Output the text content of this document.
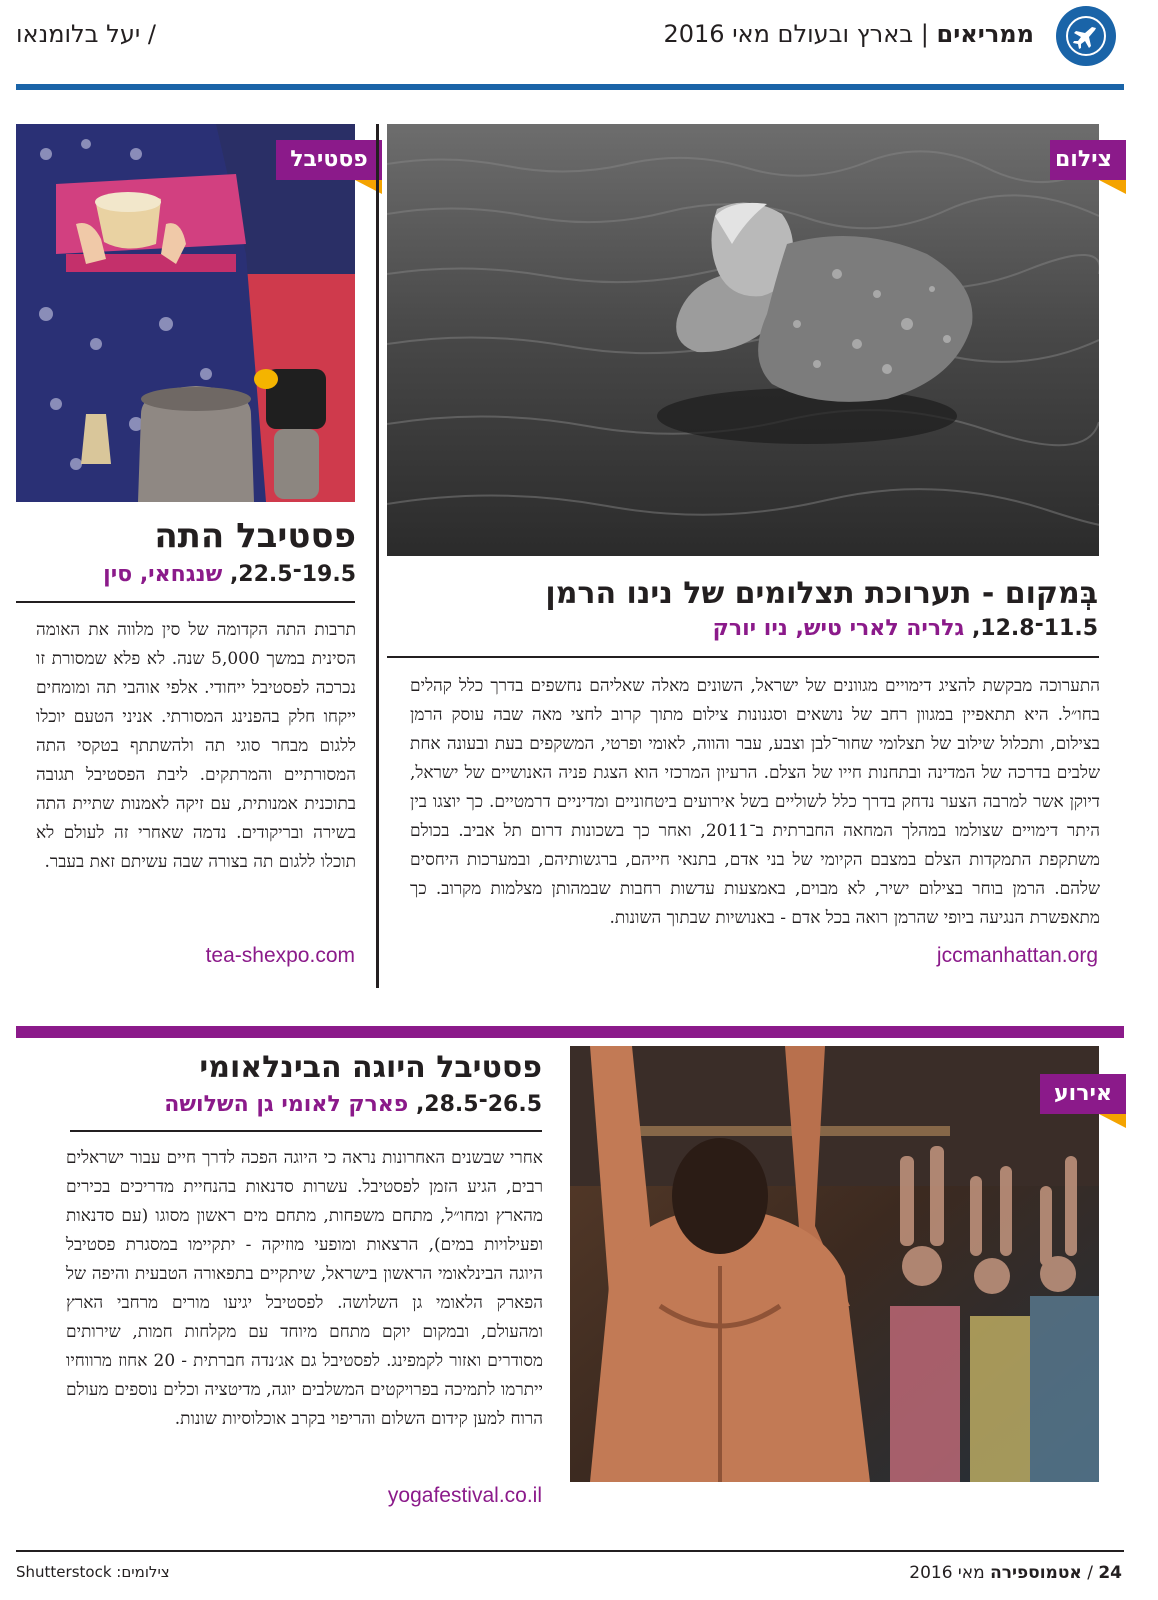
ממריאים | בארץ ובעולם מאי 2016
/ יעל בלומנאו
צילום
פסטיבל
פסטיבל התה
19.5־22.5, שנגחאי, סין
תרבות התה הקדומה של סין מלווה את האומה הסינית במשך 5,000 שנה. לא פלא שמסורת זו נכרכה לפסטיבל ייחודי. אלפי אוהבי תה ומומחים ייקחו חלק בהפנינג המסורתי. אניני הטעם יוכלו ללגום מבחר סוגי תה ולהשתתף בטקסי התה המסורתיים והמרתקים. ליבת הפסטיבל תגובה בתוכנית אמנותית, עם זיקה לאמנות שתיית התה בשירה ובריקודים. נדמה שאחרי זה לעולם לא תוכלו ללגום תה בצורה שבה עשיתם זאת בעבר.
tea-shexpo.com
בְּמקום - תערוכת תצלומים של נינו הרמן
11.5־12.8, גלריה לארי טיש, ניו יורק
התערוכה מבקשת להציג דימויים מגוונים של ישראל, השונים מאלה שאליהם נחשפים בדרך כלל קהלים בחו״ל. היא תתאפיין במגוון רחב של נושאים וסגנונות צילום מתוך קרוב לחצי מאה שבה עוסק הרמן בצילום, ותכלול שילוב של תצלומי שחור־לבן וצבע, עבר והווה, לאומי ופרטי, המשקפים בעת ובעונה אחת שלבים בדרכה של המדינה ובתחנות חייו של הצלם. הרעיון המרכזי הוא הצגת פניה האנושיים של ישראל, דיוקן אשר למרבה הצער נדחק בדרך כלל לשוליים בשל אירועים ביטחוניים ומדיניים דרמטיים. כך יוצגו בין היתר דימויים שצולמו במהלך המחאה החברתית ב־2011, ואחר כך בשכונות דרום תל אביב. בכולם משתקפת התמקדות הצלם במצבם הקיומי של בני אדם, בתנאי חייהם, ברגשותיהם, ובמערכות היחסים שלהם. הרמן בוחר בצילום ישיר, לא מבוים, באמצעות עדשות רחבות שבמהותן מצלמות מקרוב. כך מתאפשרת הנגיעה ביופי שהרמן רואה בכל אדם - באנושיות שבתוך השונות.
jccmanhattan.org
פסטיבל היוגה הבינלאומי
26.5־28.5, פארק לאומי גן השלושה
אחרי שבשנים האחרונות נראה כי היוגה הפכה לדרך חיים עבור ישראלים רבים, הגיע הזמן לפסטיבל. עשרות סדנאות בהנחיית מדריכים בכירים מהארץ ומחו״ל, מתחם משפחות, מתחם מים ראשון מסוגו (עם סדנאות ופעילויות במים), הרצאות ומופעי מוזיקה - יתקיימו במסגרת פסטיבל היוגה הבינלאומי הראשון בישראל, שיתקיים בתפאורה הטבעית והיפה של הפארק הלאומי גן השלושה. לפסטיבל יגיעו מורים מרחבי הארץ ומהעולם, ובמקום יוקם מתחם מיוחד עם מקלחות חמות, שירותים מסודרים ואזור לקמפינג. לפסטיבל גם אג׳נדה חברתית - 20 אחוז מרווחיו ייתרמו לתמיכה בפרויקטים המשלבים יוגה, מדיטציה וכלים נוספים מעולם הרוח למען קידום השלום והריפוי בקרב אוכלוסיות שונות.
yogafestival.co.il
אירוע
צילום: עודד נתן
24 / אטמוספירה מאי 2016
צילומים: Shutterstock
